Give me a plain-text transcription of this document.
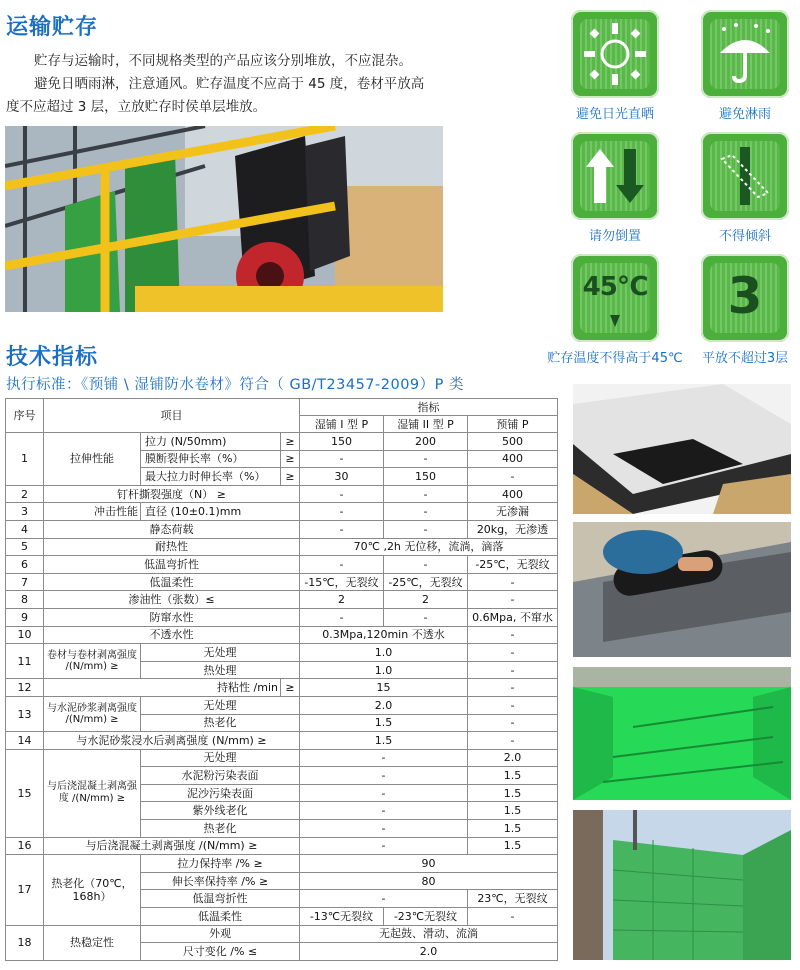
运输贮存

贮存与运输时，不同规格类型的产品应该分别堆放，不应混杂。

避免日晒雨淋，注意通风。贮存温度不应高于 45 度，卷材平放高

度不应超过 3 层，立放贮存时侯单层堆放。	避免日光直晒	避免淋雨
请勿倒置	不得倾斜
45℃
贮存温度不得高于45℃
3
平放不超过3层
技术指标
执行标准：《预铺 \ 湿铺防水卷材》符合（ GB/T23457-2009）P 类
序号	项目			指标		
				湿铺 I 型 P	湿铺 II 型 P	预铺 P
1	拉伸性能	拉力 (N/50mm)	≥	150	200	500
		膜断裂伸长率（%）	≥	-	-	400
		最大拉力时伸长率（%）	≥	30	150	-
2	钉杆撕裂强度（N） ≥			-	-	400
3	冲击性能	直径 (10±0.1)mm		-	-	无渗漏
4	静态荷载			-	-	20kg，无渗透
5	耐热性			70℃ ,2h 无位移，流淌，滴落		
6	低温弯折性			-	-	-25℃，无裂纹
7	低温柔性			-15℃，无裂纹	-25℃，无裂纹	-
8	渗油性（张数）≤			2	2	-
9	防窜水性			-	-	0.6Mpa, 不窜水
10	不透水性			0.3Mpa,120min 不透水		-
11	卷材与卷材剥离强度 /(N/mm) ≥	无处理		1.0		-
		热处理		1.0		-
12	持粘性 /min		≥	15		-
13	与水泥砂浆剥离强度 /(N/mm) ≥	无处理		2.0		-
		热老化		1.5		-
14	与水泥砂浆浸水后剥离强度 (N/mm) ≥			1.5		-
15	与后浇混凝土剥离强度 /(N/mm) ≥	无处理		-		2.0
		水泥粉污染表面		-		1.5
		泥沙污染表面		-		1.5
		紫外线老化		-		1.5
		热老化		-		1.5
16	与后浇混凝土剥离强度 /(N/mm) ≥			-		1.5
17	热老化（70℃，168h）	拉力保持率 /% ≥		90		
		伸长率保持率 /% ≥		80		
		低温弯折性		-		23℃，无裂纹
		低温柔性		-13℃无裂纹	-23℃无裂纹	-
18	热稳定性	外观		无起鼓、滑动、流淌		
		尺寸变化 /% ≤		2.0		
